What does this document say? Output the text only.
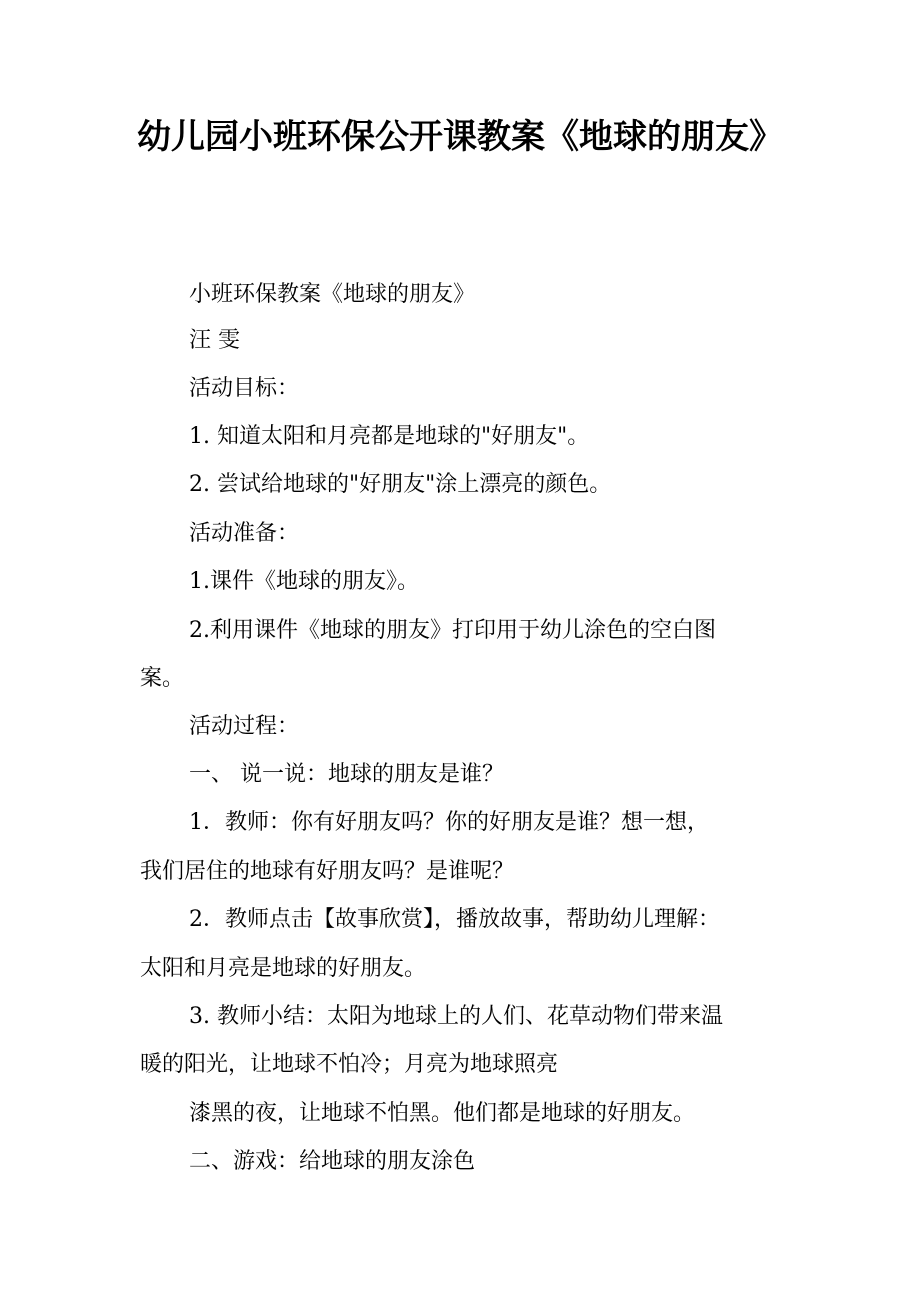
幼儿园小班环保公开课教案《地球的朋友》
小班环保教案《地球的朋友》
汪 雯
活动目标：
1. 知道太阳和月亮都是地球的"好朋友"。
2. 尝试给地球的"好朋友"涂上漂亮的颜色。
活动准备：
1.课件《地球的朋友》。
2.利用课件《地球的朋友》打印用于幼儿涂色的空白图
案。
活动过程：
一、 说一说：地球的朋友是谁？
1．教师：你有好朋友吗？你的好朋友是谁？想一想，
我们居住的地球有好朋友吗？是谁呢？
2．教师点击【故事欣赏】，播放故事，帮助幼儿理解：
太阳和月亮是地球的好朋友。
3. 教师小结：太阳为地球上的人们、花草动物们带来温
暖的阳光，让地球不怕冷；月亮为地球照亮
漆黑的夜，让地球不怕黑。他们都是地球的好朋友。
二、游戏：给地球的朋友涂色
